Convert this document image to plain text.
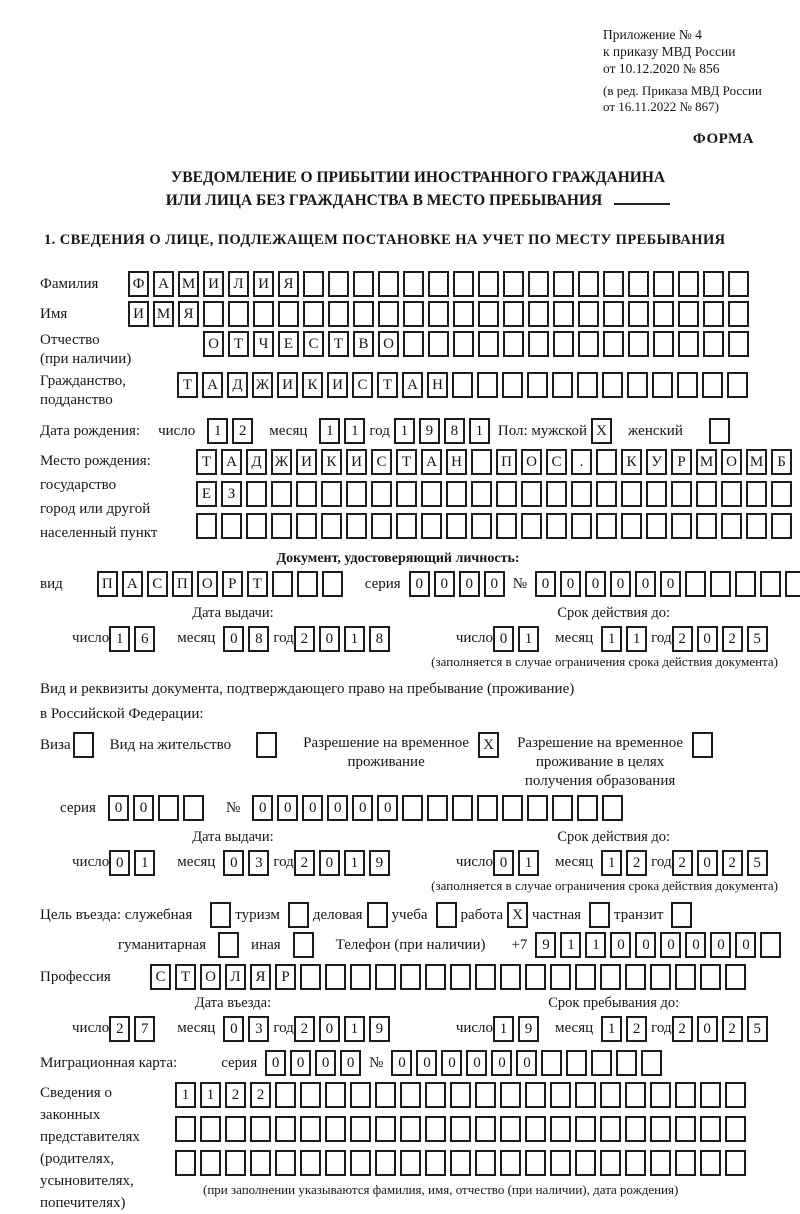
Приложение № 4
к приказу МВД России
от 10.12.2020 № 856
(в ред. Приказа МВД России
от 16.11.2022 № 867)
ФОРМА
УВЕДОМЛЕНИЕ О ПРИБЫТИИ ИНОСТРАННОГО ГРАЖДАНИНА
ИЛИ ЛИЦА БЕЗ ГРАЖДАНСТВА В МЕСТО ПРЕБЫВАНИЯ
1. СВЕДЕНИЯ О ЛИЦЕ, ПОДЛЕЖАЩЕМ ПОСТАНОВКЕ НА УЧЕТ ПО МЕСТУ ПРЕБЫВАНИЯ
Фамилия	Ф А М И Л И Я
Имя	И М Я
Отчество
(при наличии)
О Т Ч Е С Т В О
Гражданство,
подданство
Т А Д Ж И К И С Т А Н
Дата рождения: число	1 2	месяц	1 1 год 1 9 8 1 Пол: мужской X	женский
Место рождения:
государство
город или другой
населенный пункт
Т А Д Ж И К И С Т А Н	П О С .	К У Р М О М Б
Е З
Документ, удостоверяющий личность:
вид	П А С П О Р Т	серия 0 0 0 0 № 0 0 0 0 0 0
Дата выдачи:
число 1 6	месяц 0 8 год 2 0 1 8
Срок действия до:
число 0 1	месяц 1 1 год 2 0 2 5
(заполняется в случае ограничения срока действия документа)
Вид и реквизиты документа, подтверждающего право на пребывание (проживание)
в Российской Федерации:
Виза	Вид на жительство	Разрешение на временное
проживание
X	Разрешение на временное
проживание в целях
получения образования
серия	0 0	№	0 0 0 0 0 0
Дата выдачи:
число 0 1	месяц 0 3 год 2 0 1 9
Срок действия до:
число 0 1	месяц 1 2 год 2 0 2 5
(заполняется в случае ограничения срока действия документа)
Цель въезда: служебная	туризм деловая учеба работа X частная транзит
гуманитарная	иная	Телефон (при наличии) +7 9 1 1 0 0 0 0 0 0
Профессия	С Т О Л Я Р
Дата въезда:
число 2 7	месяц 0 3 год 2 0 1 9
Срок пребывания до:
число 1 9	месяц 1 2 год 2 0 2 5
Миграционная карта:	серия 0 0 0 0 № 0 0 0 0 0 0
Сведения о
законных
представителях
(родителях,
усыновителях,
попечителях)
1 1 2 2
(при заполнении указываются фамилия, имя, отчество (при наличии), дата рождения)
